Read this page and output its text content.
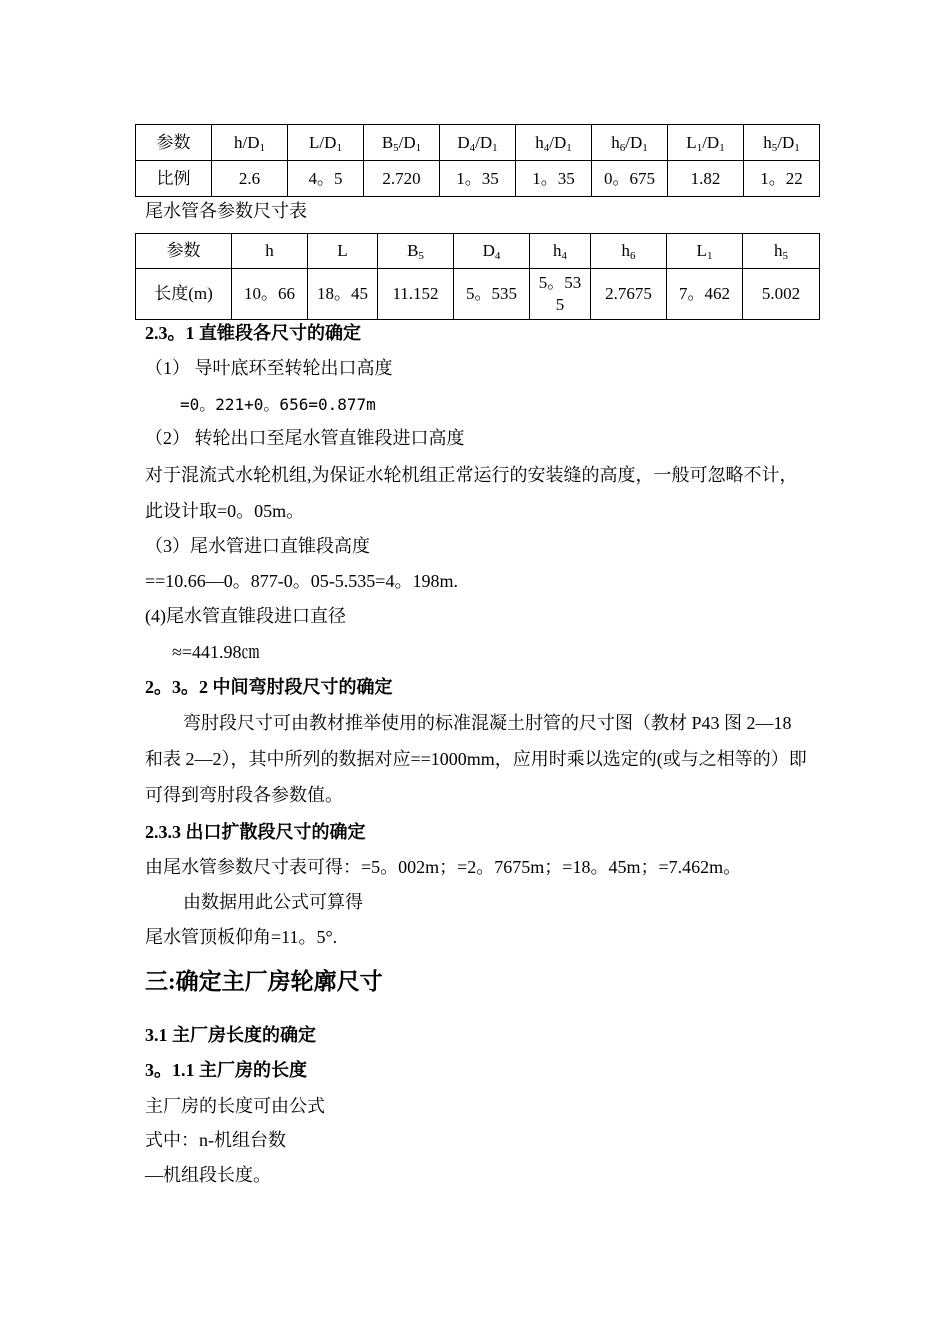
参数	$h/D_1$	$L/D_1$	$B_5/D_1$	$D_4/D_1$	$h_4/D_1$	$h_6/D_1$	$L_1/D_1$	$h_5/D_1$
比例	2.6	4。5	2.720	1。35	1。35	0。675	1.82	1。22
尾水管各参数尺寸表
参数	h	L	$B_5$	$D_4$	$h_4$	$h_6$	$L_1$	$h_5$
长度(m)	10。66	18。45	11.152	5。535	5。535	2.7675	7。462	5.002
2.3。1 直锥段各尺寸的确定
（1） 导叶底环至转轮出口高度
=0。221+0。656=0.877m
（2） 转轮出口至尾水管直锥段进口高度
对于混流式水轮机组,为保证水轮机组正常运行的安装缝的高度，一般可忽略不计，此设计取=0。05m。
（3）尾水管进口直锥段高度
==10.66—0。877-0。05-5.535=4。198m.
(4)尾水管直锥段进口直径
≈=441.98㎝
2。3。2 中间弯肘段尺寸的确定
弯肘段尺寸可由教材推举使用的标准混凝土肘管的尺寸图（教材 P43 图 2—18 和表 2—2），其中所列的数据对应==1000mm，应用时乘以选定的(或与之相等的）即可得到弯肘段各参数值。
2.3.3 出口扩散段尺寸的确定
由尾水管参数尺寸表可得：=5。002m；=2。7675m；=18。45m；=7.462m。
由数据用此公式可算得
尾水管顶板仰角=11。5°.
三:确定主厂房轮廓尺寸
3.1 主厂房长度的确定
3。1.1 主厂房的长度
主厂房的长度可由公式
式中：n-机组台数
—机组段长度。
